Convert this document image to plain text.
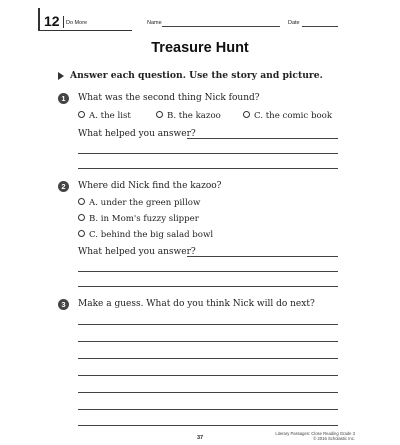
12 Do More	Name	Date
Treasure Hunt
Answer each question. Use the story and picture.
1	What was the second thing Nick found?
A. the list	B. the kazoo	C. the comic book
What helped you answer?
2	Where did Nick find the kazoo?
A. under the green pillow
B. in Mom's fuzzy slipper
C. behind the big salad bowl
What helped you answer?
3	Make a guess. What do you think Nick will do next?
37
Literary Passages: Close Reading Grade 3
© 2016 Scholastic Inc.
